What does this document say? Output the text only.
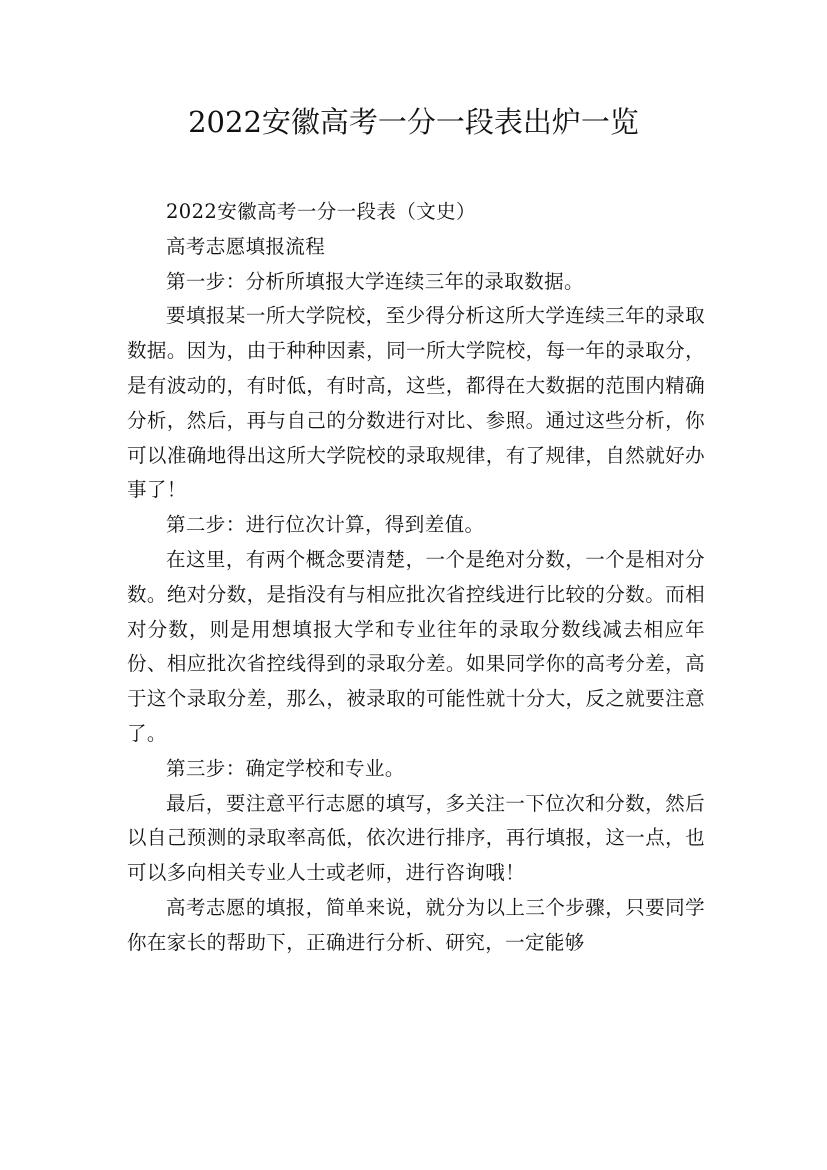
2022安徽高考一分一段表出炉一览

2022安徽高考一分一段表（文史）

高考志愿填报流程

第一步：分析所填报大学连续三年的录取数据。

要填报某一所大学院校，至少得分析这所大学连续三年的录取数据。因为，由于种种因素，同一所大学院校，每一年的录取分，是有波动的，有时低，有时高，这些，都得在大数据的范围内精确分析，然后，再与自己的分数进行对比、参照。通过这些分析，你可以准确地得出这所大学院校的录取规律，有了规律，自然就好办事了！

第二步：进行位次计算，得到差值。

在这里，有两个概念要清楚，一个是绝对分数，一个是相对分数。绝对分数，是指没有与相应批次省控线进行比较的分数。而相对分数，则是用想填报大学和专业往年的录取分数线减去相应年份、相应批次省控线得到的录取分差。如果同学你的高考分差，高于这个录取分差，那么，被录取的可能性就十分大，反之就要注意了。

第三步：确定学校和专业。

最后，要注意平行志愿的填写，多关注一下位次和分数，然后以自己预测的录取率高低，依次进行排序，再行填报，这一点，也可以多向相关专业人士或老师，进行咨询哦！

高考志愿的填报，简单来说，就分为以上三个步骤，只要同学你在家长的帮助下，正确进行分析、研究，一定能够
